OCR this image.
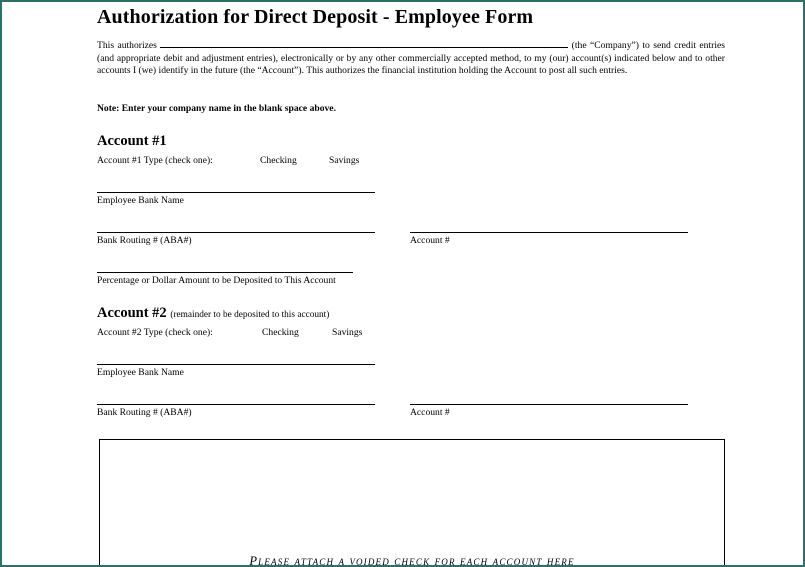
Authorization for Direct Deposit - Employee Form
This authorizes	(the “Company”) to send credit entries (and appropriate debit and adjustment entries), electronically or by any other commercially accepted method, to my (our) account(s) indicated below and to other accounts I (we) identify in the future (the “Account”). This authorizes the financial institution holding the Account to post all such entries.
Note: Enter your company name in the blank space above.
Account #1
Account #1 Type (check one):	Checking	Savings
Employee Bank Name
Bank Routing # (ABA#)	Account #
Percentage or Dollar Amount to be Deposited to This Account
Account #2 (remainder to be deposited to this account)
Account #2 Type (check one):	Checking	Savings
Employee Bank Name
Bank Routing # (ABA#)	Account #
Please attach a voided check for each account here
